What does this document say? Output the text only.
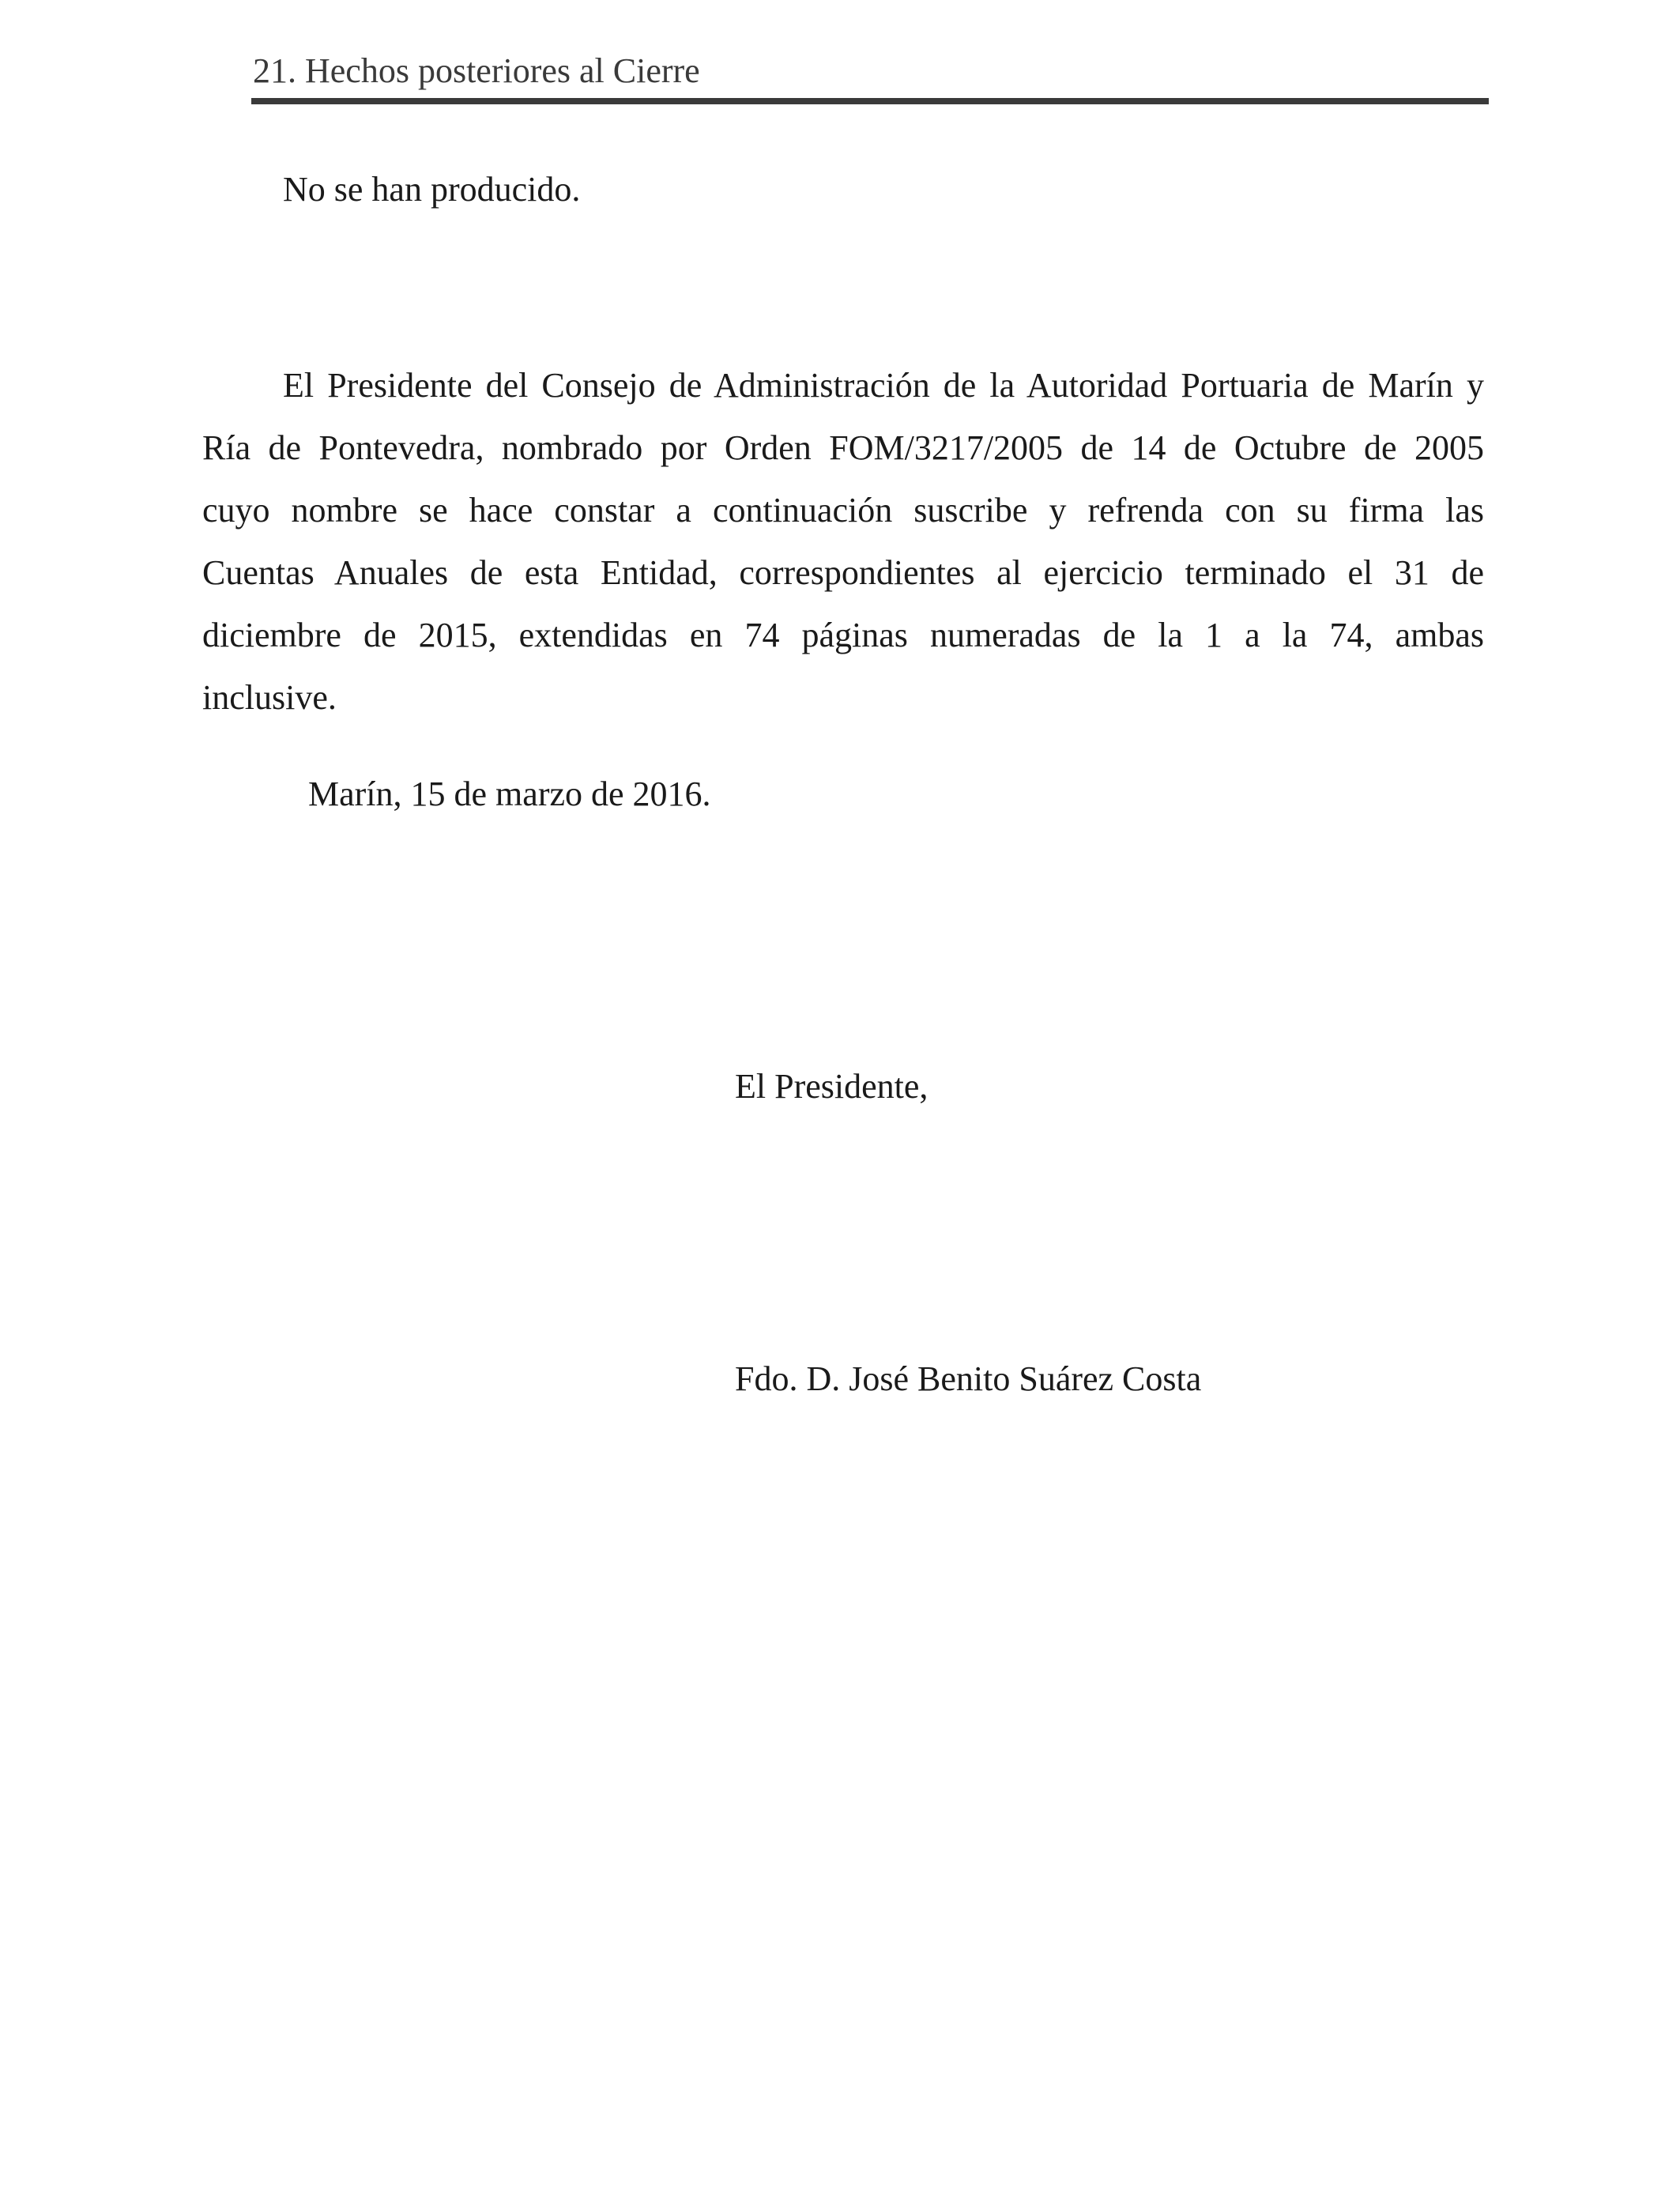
21. Hechos posteriores al Cierre
No se han producido.
El Presidente del Consejo de Administración de la Autoridad Portuaria de Marín y
Ría de Pontevedra, nombrado por Orden FOM/3217/2005 de 14 de Octubre de 2005
cuyo nombre se hace constar a continuación suscribe y refrenda con su firma las
Cuentas Anuales de esta Entidad, correspondientes al ejercicio terminado el 31 de
diciembre de 2015, extendidas en 74 páginas numeradas de la 1 a la 74, ambas
inclusive.
Marín, 15 de marzo de 2016.
El Presidente,
Fdo. D. José Benito Suárez Costa
